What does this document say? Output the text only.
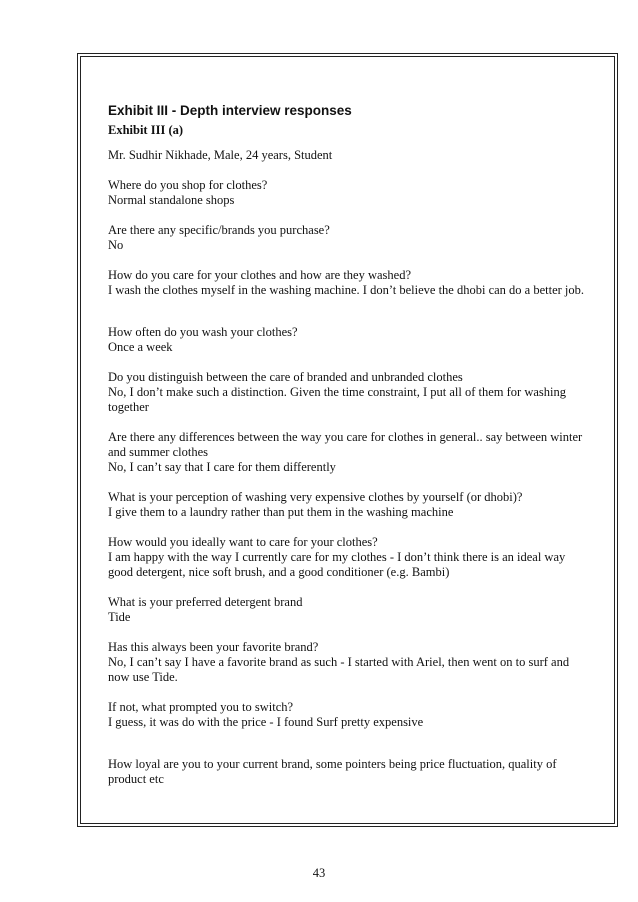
Exhibit III - Depth interview responses

Exhibit III (a)

Mr. Sudhir Nikhade, Male, 24 years, Student

Where do you shop for clothes?

Normal standalone shops

Are there any specific/brands you purchase?

No

How do you care for your clothes and how are they washed?

I wash the clothes myself in the washing machine. I don’t believe the dhobi can do a better job.

How often do you wash your clothes?

Once a week

Do you distinguish between the care of branded and unbranded clothes

No, I don’t make such a distinction. Given the time constraint, I put all of them for washing together

Are there any differences between the way you care for clothes in general.. say between winter and summer clothes

No, I can’t say that I care for them differently

What is your perception of washing very expensive clothes by yourself (or dhobi)?

I give them to a laundry rather than put them in the washing machine

How would you ideally want to care for your clothes?

I am happy with the way I currently care for my clothes - I don’t think there is an ideal way

good detergent, nice soft brush, and a good conditioner (e.g. Bambi)

What is your preferred detergent brand

Tide

Has this always been your favorite brand?

No, I can’t say I have a favorite brand as such - I started with Ariel, then went on to surf and now use Tide.

If not, what prompted you to switch?

I guess, it was do with the price - I found Surf pretty expensive

How loyal are you to your current brand, some pointers being price fluctuation, quality of product etc

43
